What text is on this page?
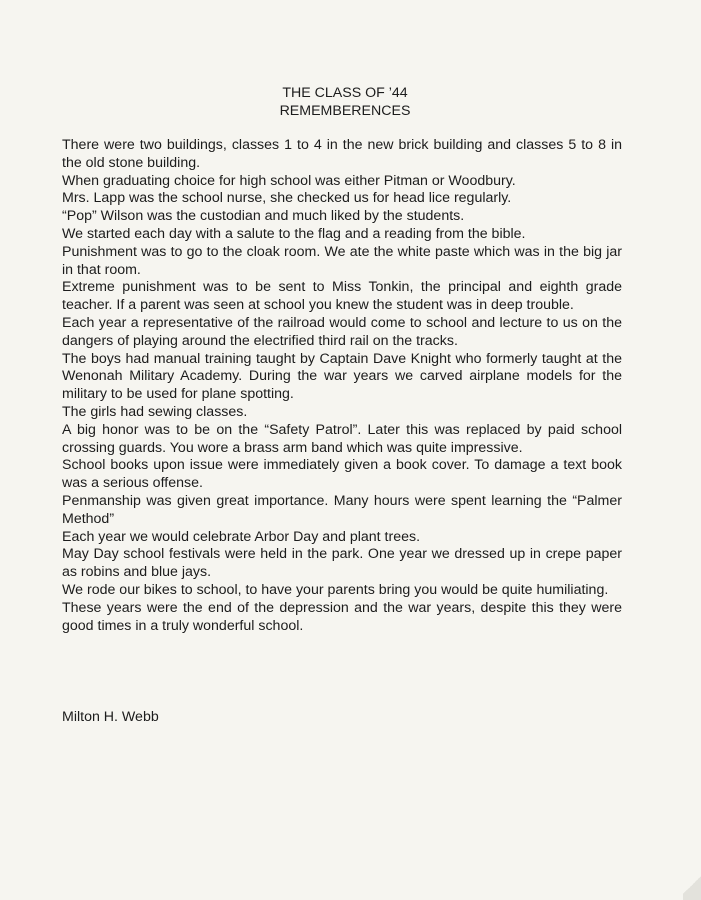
THE CLASS OF ’44
REMEMBERENCES

There were two buildings, classes 1 to 4 in the new brick building and classes 5 to 8 in the old stone building.

When graduating choice for high school was either Pitman or Woodbury.

Mrs. Lapp was the school nurse, she checked us for head lice regularly.

“Pop” Wilson was the custodian and much liked by the students.

We started each day with a salute to the flag and a reading from the bible.

Punishment was to go to the cloak room. We ate the white paste which was in the big jar in that room.

Extreme punishment was to be sent to Miss Tonkin, the principal and eighth grade teacher. If a parent was seen at school you knew the student was in deep trouble.

Each year a representative of the railroad would come to school and lecture to us on the dangers of playing around the electrified third rail on the tracks.

The boys had manual training taught by Captain Dave Knight who formerly taught at the Wenonah Military Academy. During the war years we carved airplane models for the military to be used for plane spotting.

The girls had sewing classes.

A big honor was to be on the “Safety Patrol”. Later this was replaced by paid school crossing guards. You wore a brass arm band which was quite impressive.

School books upon issue were immediately given a book cover. To damage a text book was a serious offense.

Penmanship was given great importance. Many hours were spent learning the “Palmer Method”

Each year we would celebrate Arbor Day and plant trees.

May Day school festivals were held in the park. One year we dressed up in crepe paper as robins and blue jays.

We rode our bikes to school, to have your parents bring you would be quite humiliating.

These years were the end of the depression and the war years, despite this they were good times in a truly wonderful school.

Milton H. Webb
